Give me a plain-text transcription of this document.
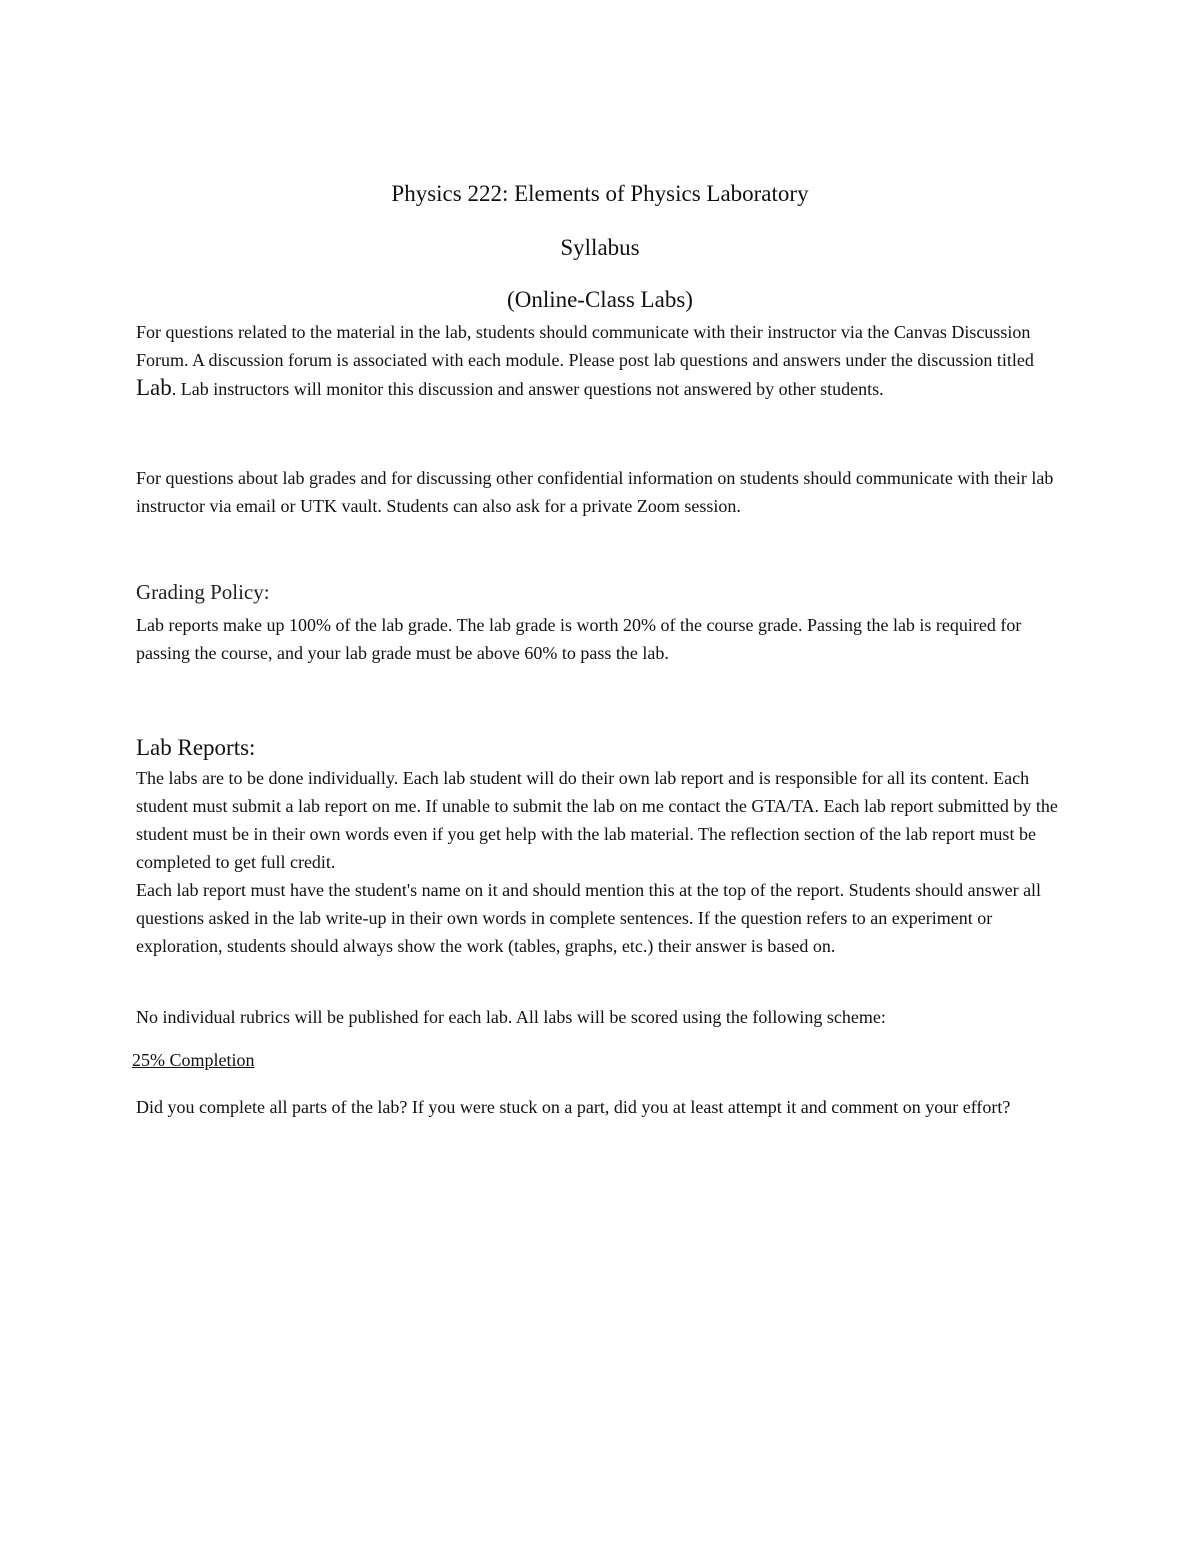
Physics 222: Elements of Physics Laboratory
Syllabus
(Online-Class Labs)
For questions related to the material in the lab, students should communicate with their instructor via the Canvas Discussion Forum. A discussion forum is associated with each module. Please post lab questions and answers under the discussion titled Lab. Lab instructors will monitor this discussion and answer questions not answered by other students.
For questions about lab grades and for discussing other confidential information on students should communicate with their lab instructor via email or UTK vault. Students can also ask for a private Zoom session.
Grading Policy:
Lab reports make up 100% of the lab grade. The lab grade is worth 20% of the course grade. Passing the lab is required for passing the course, and your lab grade must be above 60% to pass the lab.
Lab Reports:
The labs are to be done individually. Each lab student will do their own lab report and is responsible for all its content. Each student must submit a lab report on me. If unable to submit the lab on me contact the GTA/TA. Each lab report submitted by the student must be in their own words even if you get help with the lab material. The reflection section of the lab report must be completed to get full credit.
Each lab report must have the student's name on it and should mention this at the top of the report. Students should answer all questions asked in the lab write-up in their own words in complete sentences. If the question refers to an experiment or exploration, students should always show the work (tables, graphs, etc.) their answer is based on.
No individual rubrics will be published for each lab. All labs will be scored using the following scheme:
25% Completion
Did you complete all parts of the lab? If you were stuck on a part, did you at least attempt it and comment on your effort?
